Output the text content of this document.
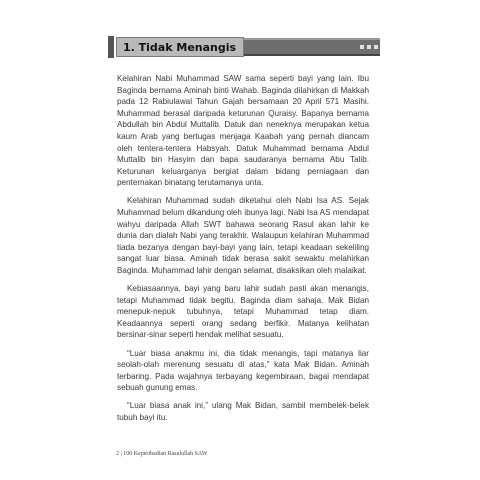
1. Tidak Menangis

Kelahiran Nabi Muhammad SAW sama seperti bayi yang lain. Ibu Baginda bernama Aminah binti Wahab. Baginda dilahirkan di Makkah pada 12 Rabiulawal Tahun Gajah bersamaan 20 April 571 Masihi. Muhammad berasal daripada keturunan Quraisy. Bapanya bernama Abdullah bin Abdul Muttalib. Datuk dan neneknya merupakan ketua kaum Arab yang bertugas menjaga Kaabah yang pernah diancam oleh tentera-tentera Habsyah. Datuk Muhammad bernama Abdul Muttalib bin Hasyim dan bapa saudaranya bernama Abu Talib. Keturunan keluarganya bergiat dalam bidang perniagaan dan penternakan binatang terutamanya unta.

Kelahiran Muhammad sudah diketahui oleh Nabi Isa AS. Sejak Muhammad belum dikandung oleh ibunya lagi. Nabi Isa AS mendapat wahyu daripada Allah SWT bahawa seorang Rasul akan lahir ke dunia dan dialah Nabi yang terakhir. Walaupun kelahiran Muhammad tiada bezanya dengan bayi-bayi yang lain, tetapi keadaan sekeliling sangat luar biasa. Aminah tidak berasa sakit sewaktu melahirkan Baginda. Muhammad lahir dengan selamat, disaksikan oleh malaikat.

Kebiasaannya, bayi yang baru lahir sudah pasti akan menangis, tetapi Muhammad tidak begitu. Baginda diam sahaja. Mak Bidan menepuk-nepuk tubuhnya, tetapi Muhammad tetap diam. Keadaannya seperti orang sedang berfikir. Matanya kelihatan bersinar-sinar seperti hendak melihat sesuatu.

“Luar biasa anakmu ini, dia tidak menangis, tapi matanya liar seolah-olah merenung sesuatu di atas,” kata Mak Bidan. Aminah terbaring. Pada wajahnya terbayang kegembiraan, bagai mendapat sebuah gunung emas.

“Luar biasa anak ini,” ulang Mak Bidan, sambil membelek-belek tubuh bayi itu.

2 | 100 Keperibadian Rasulullah SAW
